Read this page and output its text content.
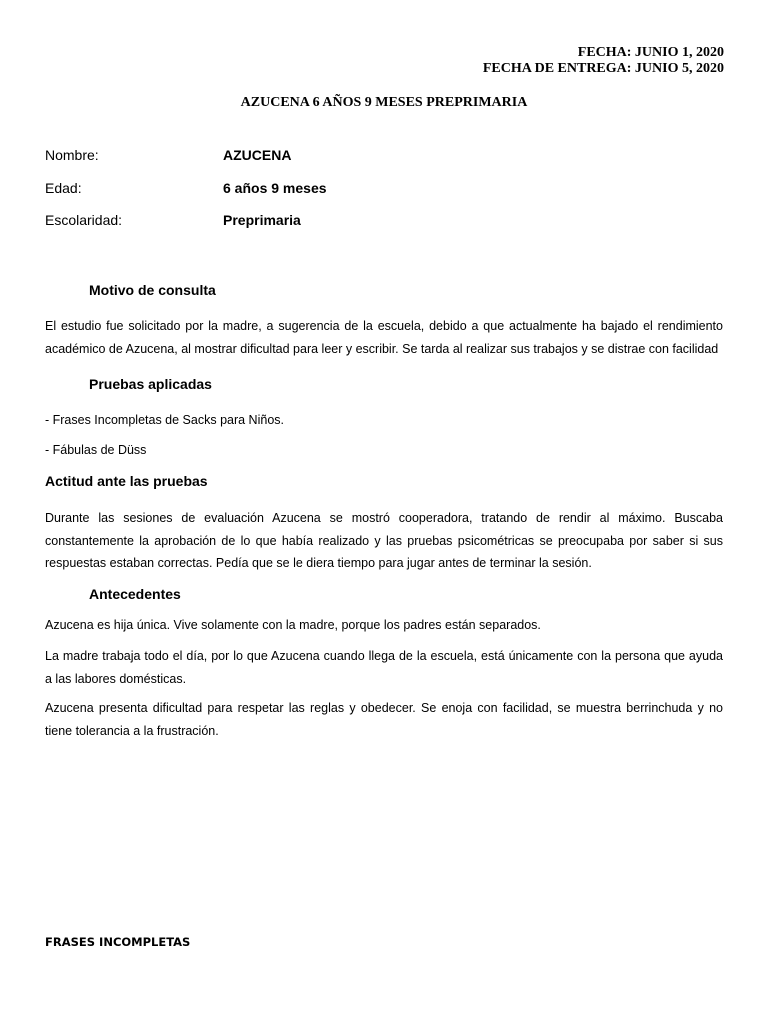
FECHA: JUNIO 1, 2020
FECHA DE ENTREGA: JUNIO 5, 2020
AZUCENA 6 AÑOS 9 MESES PREPRIMARIA
Nombre:	AZUCENA
Edad:	6 años 9 meses
Escolaridad:	Preprimaria
Motivo de consulta
El estudio fue solicitado por la madre, a sugerencia de la escuela, debido a que actualmente ha bajado el rendimiento académico de Azucena, al mostrar dificultad para leer y escribir. Se tarda al realizar sus trabajos y se distrae con facilidad
Pruebas aplicadas
- Frases Incompletas de Sacks para Niños.
- Fábulas de Düss
Actitud ante las pruebas
Durante las sesiones de evaluación Azucena se mostró cooperadora, tratando de rendir al máximo. Buscaba constantemente la aprobación de lo que había realizado y las pruebas psicométricas se preocupaba por saber si sus respuestas estaban correctas. Pedía que se le diera tiempo para jugar antes de terminar la sesión.
Antecedentes
Azucena es hija única. Vive solamente con la madre, porque los padres están separados.
La madre trabaja todo el día, por lo que Azucena cuando llega de la escuela, está únicamente con la persona que ayuda a las labores domésticas.
Azucena presenta dificultad para respetar las reglas y obedecer. Se enoja con facilidad, se muestra berrinchuda y no tiene tolerancia a la frustración.
FRASES INCOMPLETAS
